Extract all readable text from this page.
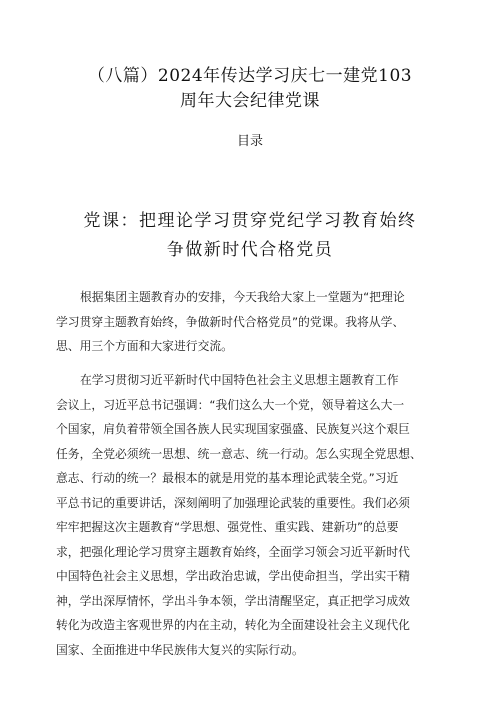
（八篇）2024年传达学习庆七一建党103
周年大会纪律党课
目录
党课：把理论学习贯穿党纪学习教育始终
争做新时代合格党员
根据集团主题教育办的安排，今天我给大家上一堂题为“把理论
学习贯穿主题教育始终，争做新时代合格党员”的党课。我将从学、
思、用三个方面和大家进行交流。
在学习贯彻习近平新时代中国特色社会主义思想主题教育工作
会议上，习近平总书记强调：“我们这么大一个党，领导着这么大一
个国家，肩负着带领全国各族人民实现国家强盛、民族复兴这个艰巨
任务，全党必须统一思想、统一意志、统一行动。怎么实现全党思想、
意志、行动的统一？最根本的就是用党的基本理论武装全党。”习近
平总书记的重要讲话，深刻阐明了加强理论武装的重要性。我们必须
牢牢把握这次主题教育“学思想、强党性、重实践、建新功”的总要
求，把强化理论学习贯穿主题教育始终，全面学习领会习近平新时代
中国特色社会主义思想，学出政治忠诚，学出使命担当，学出实干精
神，学出深厚情怀，学出斗争本领，学出清醒坚定，真正把学习成效
转化为改造主客观世界的内在主动，转化为全面建设社会主义现代化
国家、全面推进中华民族伟大复兴的实际行动。
